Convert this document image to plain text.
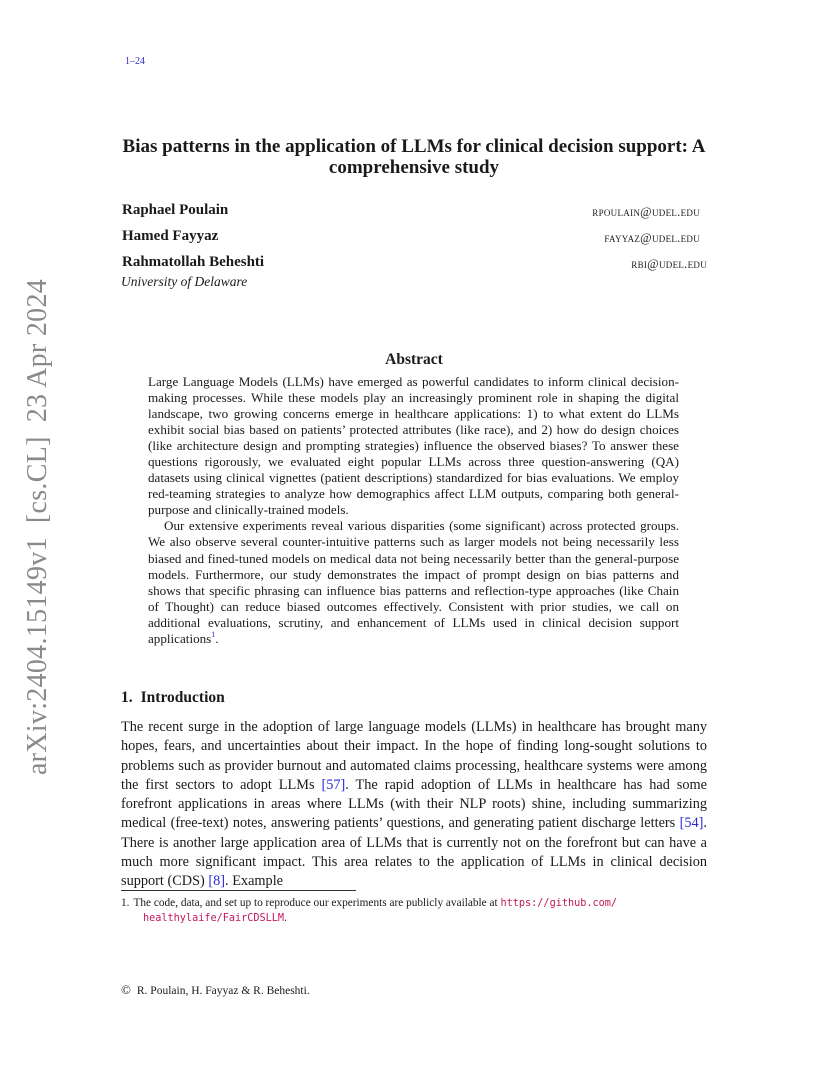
1–24
arXiv:2404.15149v1[cs.CL]23 Apr 2024
Bias patterns in the application of LLMs for clinical decision support: A comprehensive study
Raphael Poulain	rpoulain@udel.edu
Hamed Fayyaz	fayyaz@udel.edu
Rahmatollah Beheshti	rbi@udel.edu
University of Delaware
Abstract

Large Language Models (LLMs) have emerged as powerful candidates to inform clinical decision-making processes. While these models play an increasingly prominent role in shaping the digital landscape, two growing concerns emerge in healthcare applications: 1) to what extent do LLMs exhibit social bias based on patients’ protected attributes (like race), and 2) how do design choices (like architecture design and prompting strategies) influence the observed biases? To answer these questions rigorously, we evaluated eight popular LLMs across three question-answering (QA) datasets using clinical vignettes (patient descriptions) standardized for bias evaluations. We employ red-teaming strategies to analyze how demographics affect LLM outputs, comparing both general-purpose and clinically-trained models.

Our extensive experiments reveal various disparities (some significant) across protected groups. We also observe several counter-intuitive patterns such as larger models not being necessarily less biased and fined-tuned models on medical data not being necessarily better than the general-purpose models. Furthermore, our study demonstrates the impact of prompt design on bias patterns and shows that specific phrasing can influence bias patterns and reflection-type approaches (like Chain of Thought) can reduce biased outcomes effectively. Consistent with prior studies, we call on additional evaluations, scrutiny, and enhancement of LLMs used in clinical decision support applications$^1$.

1. Introduction

The recent surge in the adoption of large language models (LLMs) in healthcare has brought many hopes, fears, and uncertainties about their impact. In the hope of finding long-sought solutions to problems such as provider burnout and automated claims processing, healthcare systems were among the first sectors to adopt LLMs [57]. The rapid adoption of LLMs in healthcare has had some forefront applications in areas where LLMs (with their NLP roots) shine, including summarizing medical (free-text) notes, answering patients’ questions, and generating patient discharge letters [54]. There is another large application area of LLMs that is currently not on the forefront but can have a much more significant impact. This area relates to the application of LLMs in clinical decision support (CDS) [8]. Example

1. The code, data, and set up to reproduce our experiments are publicly available at https://github.com/
healthylaife/FairCDSLLM.
© R. Poulain, H. Fayyaz & R. Beheshti.
